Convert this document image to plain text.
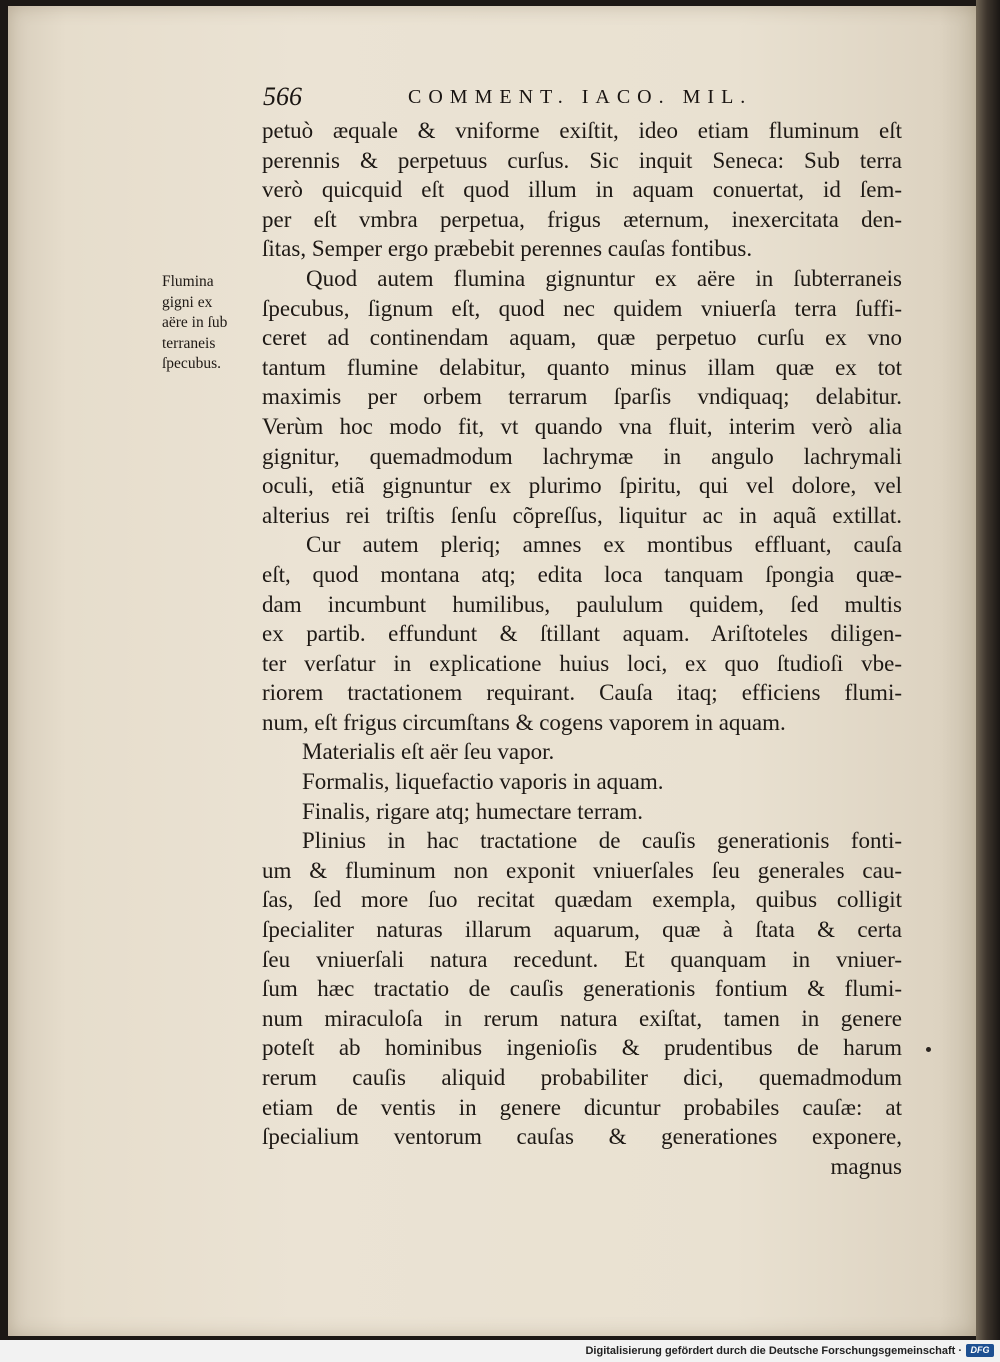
566	COMMENT. IACO. MIL.
Flumina
gigni ex
aëre in ſub
terraneis
ſpecubus.
petuò æquale & vniforme exiſtit, ideo etiam fluminum eſt
perennis & perpetuus curſus. Sic inquit Seneca: Sub terra
verò quicquid eſt quod illum in aquam conuertat, id ſem-
per eſt vmbra perpetua, frigus æternum, inexercitata den-
ſitas, Semper ergo præbebit perennes cauſas fontibus.
Quod autem flumina gignuntur ex aëre in ſubterraneis
ſpecubus, ſignum eſt, quod nec quidem vniuerſa terra ſuffi-
ceret ad continendam aquam, quæ perpetuo curſu ex vno
tantum flumine delabitur, quanto minus illam quæ ex tot
maximis per orbem terrarum ſparſis vndiquaq; delabitur.
Verùm hoc modo fit, vt quando vna fluit, interim verò alia
gignitur, quemadmodum lachrymæ in angulo lachrymali
oculi, etiã gignuntur ex plurimo ſpiritu, qui vel dolore, vel
alterius rei triſtis ſenſu cõpreſſus, liquitur ac in aquã extillat.
Cur autem pleriq; amnes ex montibus effluant, cauſa
eſt, quod montana atq; edita loca tanquam ſpongia quæ-
dam incumbunt humilibus, paululum quidem, ſed multis
ex partib. effundunt & ſtillant aquam. Ariſtoteles diligen-
ter verſatur in explicatione huius loci, ex quo ſtudioſi vbe-
riorem tractationem requirant. Cauſa itaq; efficiens flumi-
num, eſt frigus circumſtans & cogens vaporem in aquam.
Materialis eſt aër ſeu vapor.
Formalis, liquefactio vaporis in aquam.
Finalis, rigare atq; humectare terram.
Plinius in hac tractatione de cauſis generationis fonti-
um & fluminum non exponit vniuerſales ſeu generales cau-
ſas, ſed more ſuo recitat quædam exempla, quibus colligit
ſpecialiter naturas illarum aquarum, quæ à ſtata & certa
ſeu vniuerſali natura recedunt. Et quanquam in vniuer-
ſum hæc tractatio de cauſis generationis fontium & flumi-
num miraculoſa in rerum natura exiſtat, tamen in genere
poteſt ab hominibus ingenioſis & prudentibus de harum
rerum cauſis aliquid probabiliter dici, quemadmodum
etiam de ventis in genere dicuntur probabiles cauſæ: at
ſpecialium ventorum cauſas & generationes exponere,
magnus
Digitalisierung gefördert durch die Deutsche Forschungsgemeinschaft · DFG
